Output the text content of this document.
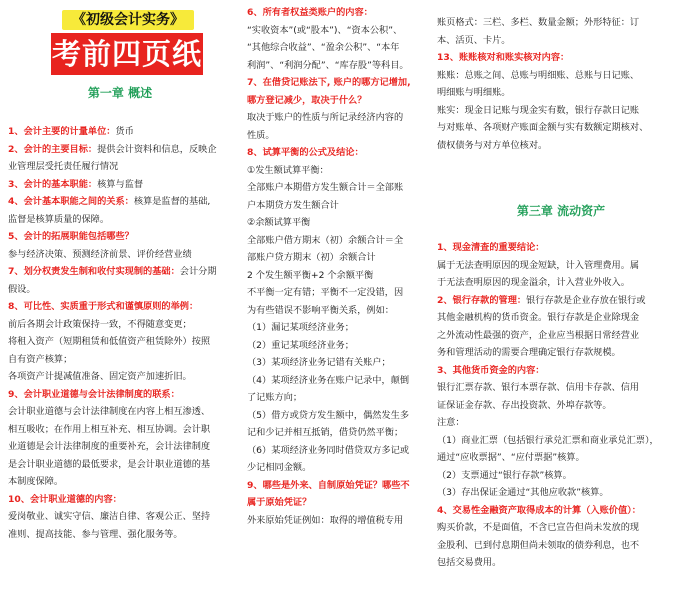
《初级会计实务》
考前四页纸
第一章 概述
1、会计主要的计量单位：货币
2、会计的主要目标：提供会计资料和信息，反映企
业管理层受托责任履行情况
3、会计的基本职能：核算与监督
4、会计基本职能之间的关系：核算是监督的基础,
监督是核算质量的保障。
5、会计的拓展职能包括哪些？
参与经济决策、预测经济前景、评价经营业绩
7、划分权责发生制和收付实现制的基础：会计分期
假设。
8、可比性、实质重于形式和谨慎原则的举例：
前后各期会计政策保持一致，不得随意变更；
将租入资产（短期租赁和低值资产租赁除外）按照
自有资产核算；
各项资产计提减值准备、固定资产加速折旧。
9、会计职业道德与会计法律制度的联系：
会计职业道德与会计法律制度在内容上相互渗透、
相互吸收；在作用上相互补充、相互协调。会计职
业道德是会计法律制度的重要补充，会计法律制度
是会计职业道德的最低要求，是会计职业道德的基
本制度保障。
10、会计职业道德的内容：
爱岗敬业、诚实守信、廉洁自律、客观公正、坚持
准则、提高技能、参与管理、强化服务等。
6、所有者权益类账户的内容：
“实收资本”(或“股本”)、“资本公积”、
“其他综合收益”、“盈余公积”、“本年
利润”、“利润分配”、“库存股”等科目。
7、在借贷记账法下, 账户的哪方记增加,
哪方登记减少，取决于什么？
取决于账户的性质与所记录经济内容的
性质。
8、试算平衡的公式及结论：
①发生额试算平衡：
全部账户本期借方发生额合计＝全部账
户本期贷方发生额合计
②余额试算平衡
全部账户借方期末（初）余额合计＝全
部账户贷方期末（初）余额合计
2 个发生额平衡+2 个余额平衡
不平衡一定有错；平衡不一定没错，因
为有些错误不影响平衡关系，例如：
（1）漏记某项经济业务；
（2）重记某项经济业务；
（3）某项经济业务记错有关账户；
（4）某项经济业务在账户记录中，颠倒
了记账方向；
（5）借方或贷方发生额中，偶然发生多
记和少记并相互抵销，借贷仍然平衡；
（6）某项经济业务同时借贷双方多记或
少记相同金额。
9、哪些是外来、自制原始凭证？哪些不
属于原始凭证？
外来原始凭证例如：取得的增值税专用
账页格式：三栏、多栏、数量金额；外形特征：订
本、活页、卡片。
13、账账核对和账实核对内容：
账账：总账之间、总账与明细账、总账与日记账、
明细账与明细账。
账实：现金日记账与现金实有数，银行存款日记账
与对账单、各项财产账面金额与实有数额定期核对、
债权债务与对方单位核对。
第三章 流动资产
1、现金清查的重要结论：
属于无法查明原因的现金短缺，计入管理费用。属
于无法查明原因的现金溢余，计入营业外收入。
2、银行存款的管理：银行存款是企业存放在银行或
其他金融机构的货币资金。银行存款是企业除现金
之外流动性最强的资产，企业应当根据日常经营业
务和管理活动的需要合理确定银行存款规模。
3、其他货币资金的内容：
银行汇票存款、银行本票存款、信用卡存款、信用
证保证金存款、存出投资款、外埠存款等。
注意：
（1）商业汇票（包括银行承兑汇票和商业承兑汇票），
通过“应收票据”、“应付票据”核算。
（2）支票通过“银行存款”核算。
（3）存出保证金通过“其他应收款”核算。
4、交易性金融资产取得成本的计算（入账价值）：
购买价款，不是面值，不含已宣告但尚未发放的现
金股利、已到付息期但尚未领取的债券利息，也不
包括交易费用。
